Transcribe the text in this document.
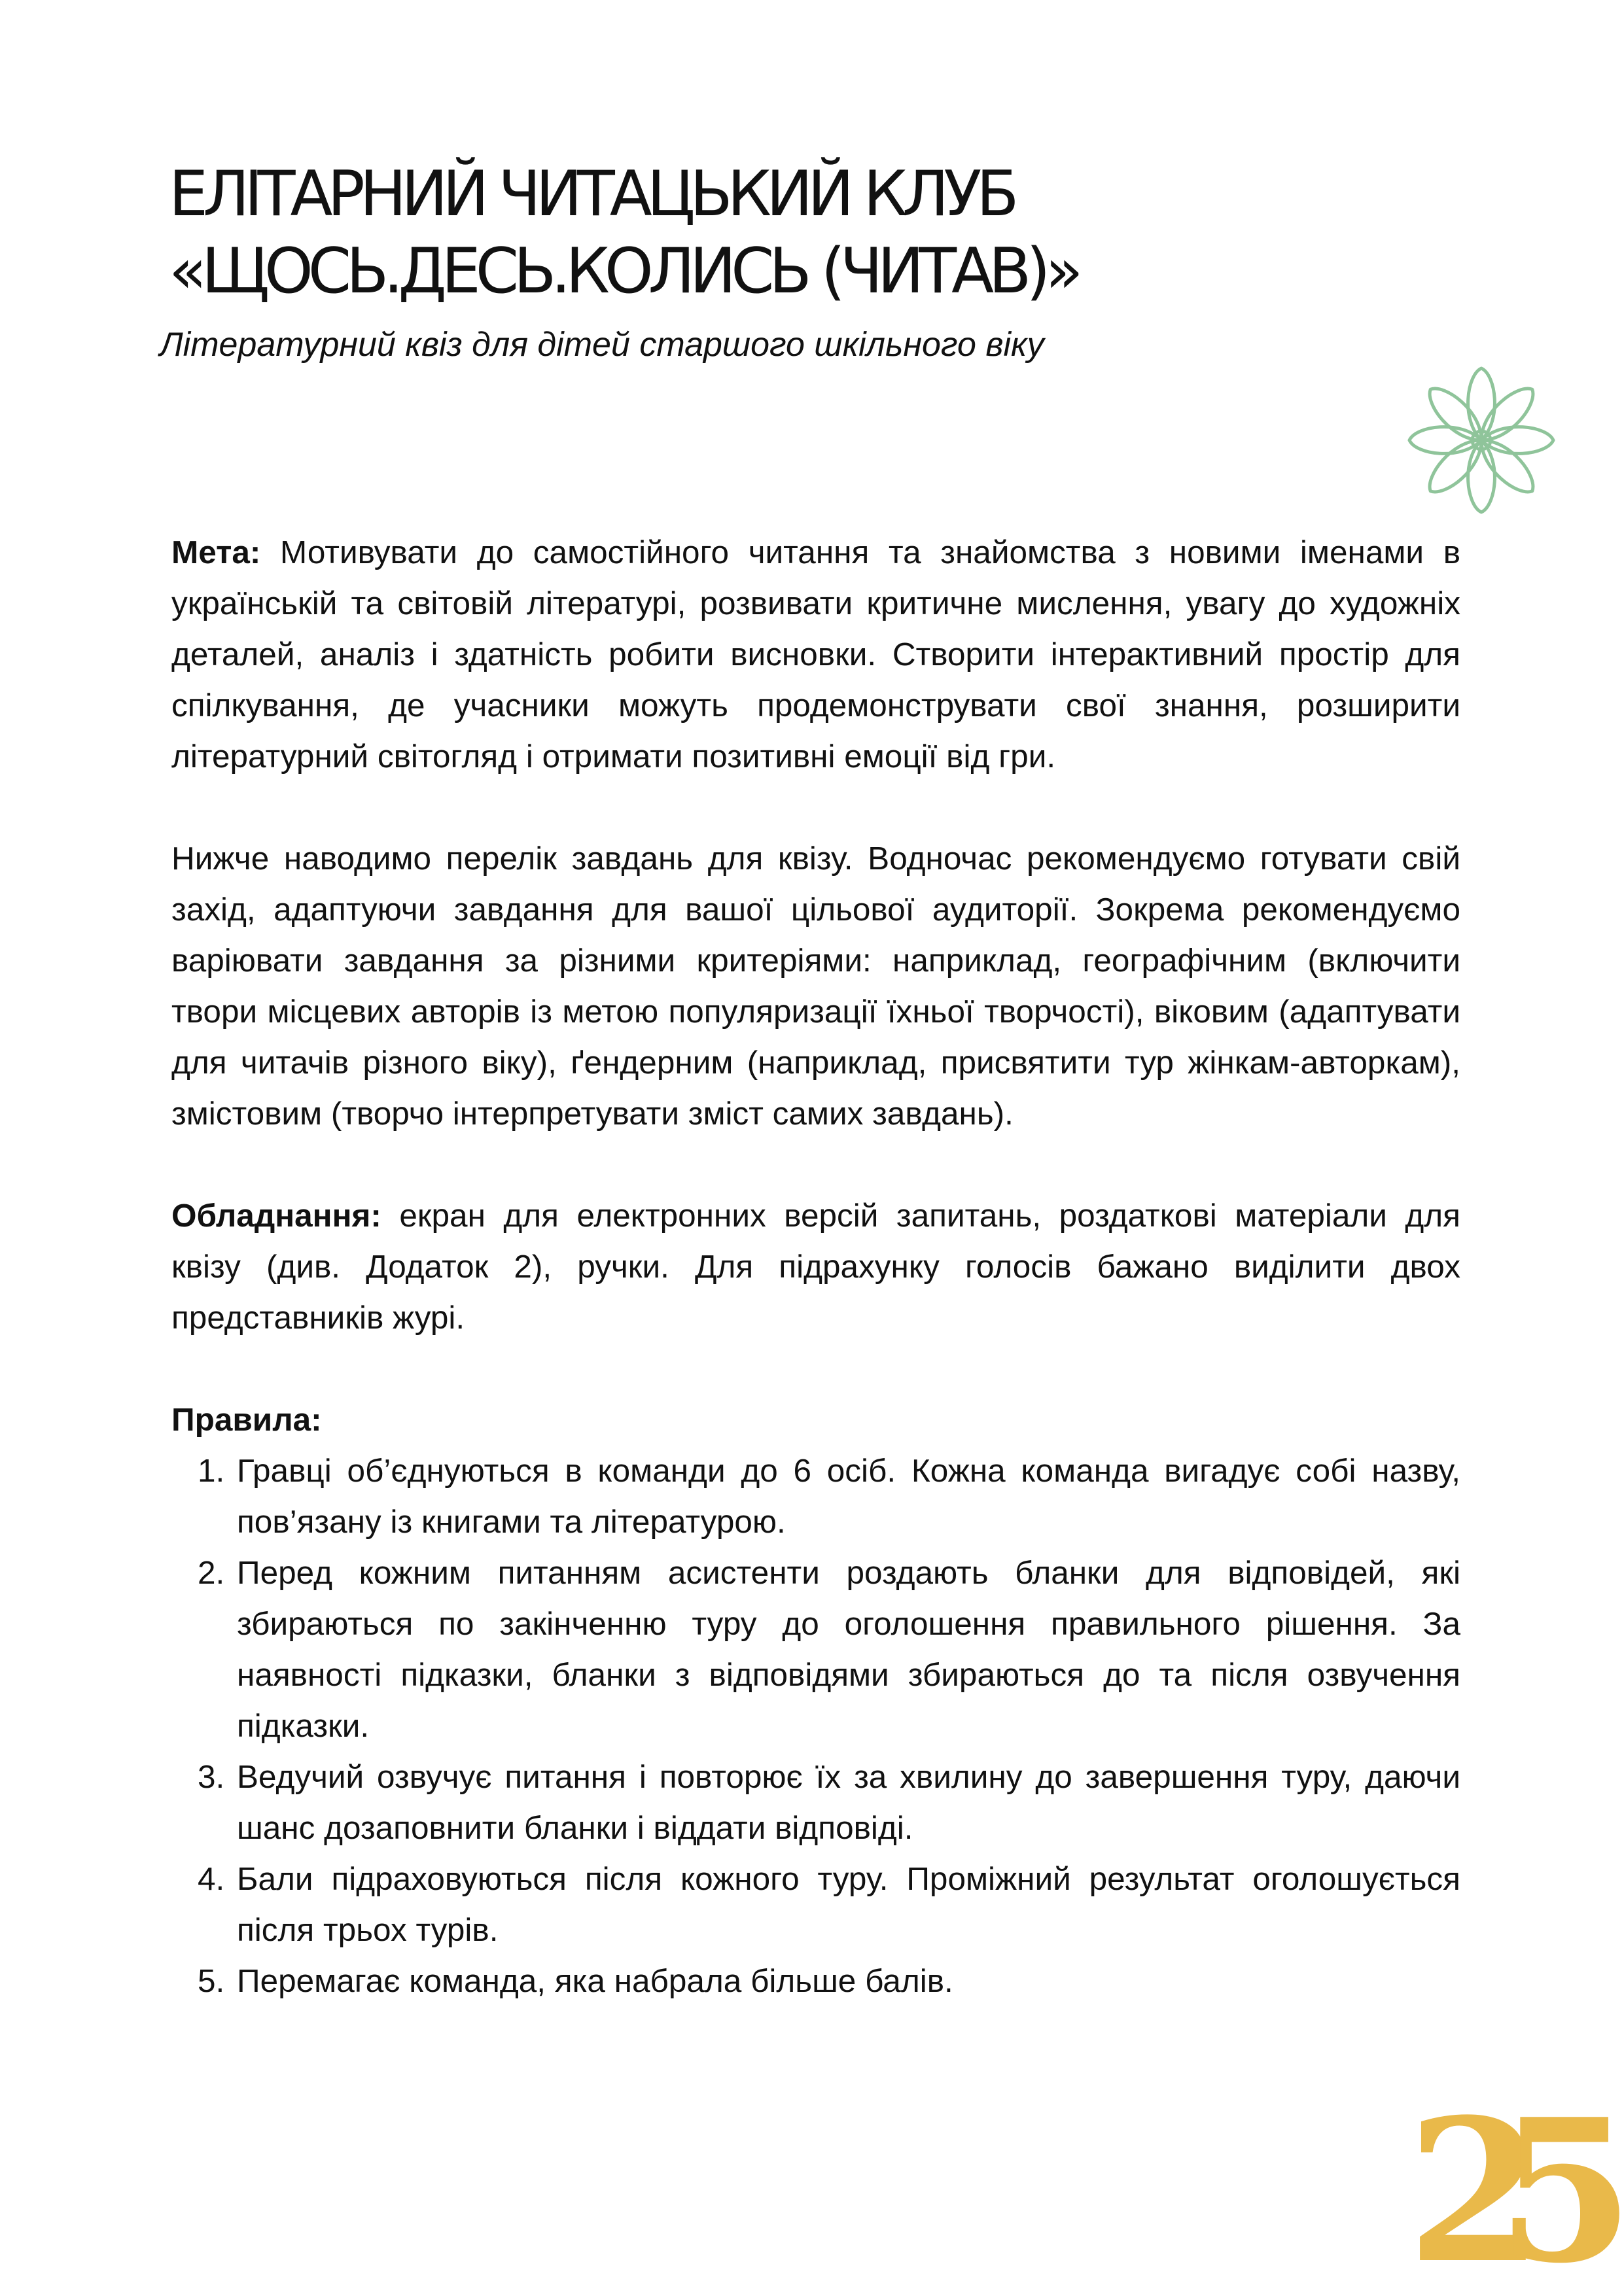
ЕЛІТАРНИЙ ЧИТАЦЬКИЙ КЛУБ
«ЩОСЬ.ДЕСЬ.КОЛИСЬ (ЧИТАВ)»
Літературний квіз для дітей старшого шкільного віку

Мета: Мотивувати до самостійного читання та знайомства з новими іменами в українській та світовій літературі, розвивати критичне мислення, увагу до художніх деталей, аналіз і здатність робити висновки. Створити інтерактивний простір для спілкування, де учасники можуть продемонструвати свої знання, розширити літературний світогляд і отримати позитивні емоції від гри.

Нижче наводимо перелік завдань для квізу. Водночас рекомендуємо готувати свій захід, адаптуючи завдання для вашої цільової аудиторії. Зокрема рекомендуємо варіювати завдання за різними критеріями: наприклад, географічним (включити твори місцевих авторів із метою популяризації їхньої творчості), віковим (адаптувати для читачів різного віку), ґендерним (наприклад, присвятити тур жінкам-авторкам), змістовим (творчо інтерпретувати зміст самих завдань).

Обладнання: екран для електронних версій запитань, роздаткові матеріали для квізу (див. Додаток 2), ручки. Для підрахунку голосів бажано виділити двох представників журі.

Правила:

1. Гравці об’єднуються в команди до 6 осіб. Кожна команда вигадує собі назву, пов’язану із книгами та літературою.
2. Перед кожним питанням асистенти роздають бланки для відповідей, які збираються по закінченню туру до оголошення правильного рішення. За наявності підказки, бланки з відповідями збираються до та після озвучення підказки.
3. Ведучий озвучує питання і повторює їх за хвилину до завершення туру, даючи шанс дозаповнити бланки і віддати відповіді.
4. Бали підраховуються після кожного туру. Проміжний результат оголошується після трьох турів.
5. Перемагає команда, яка набрала більше балів.
25
